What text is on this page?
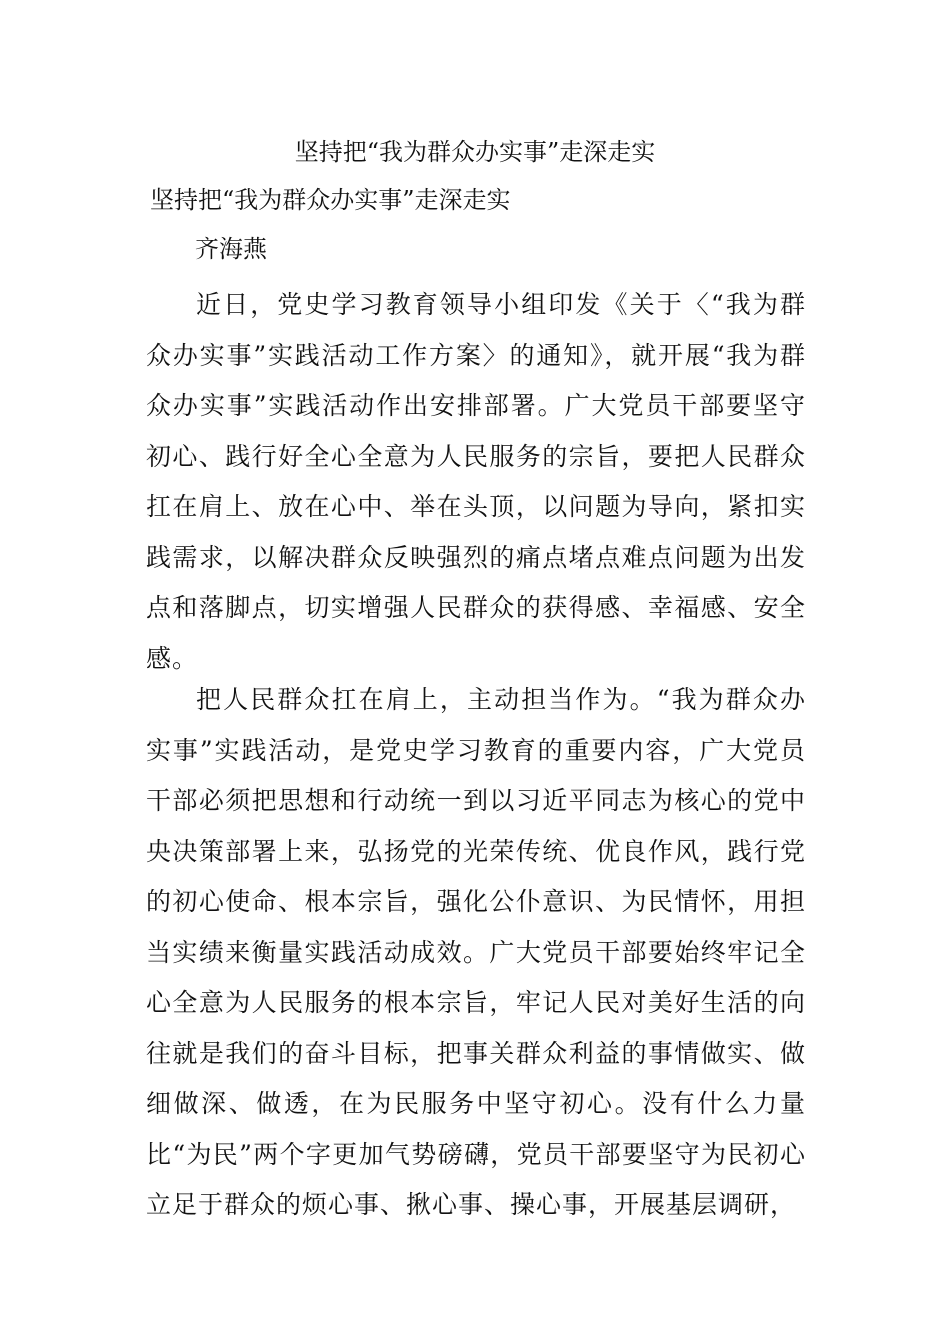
坚持把“我为群众办实事”走深走实
坚持把“我为群众办实事”走深走实
齐海燕

近日，党史学习教育领导小组印发《关于〈“我为群众办实事”实践活动工作方案〉的通知》，就开展“我为群众办实事”实践活动作出安排部署。广大党员干部要坚守初心、践行好全心全意为人民服务的宗旨，要把人民群众扛在肩上、放在心中、举在头顶，以问题为导向，紧扣实践需求，以解决群众反映强烈的痛点堵点难点问题为出发点和落脚点，切实增强人民群众的获得感、幸福感、安全感。

把人民群众扛在肩上，主动担当作为。“我为群众办实事”实践活动，是党史学习教育的重要内容，广大党员干部必须把思想和行动统一到以习近平同志为核心的党中央决策部署上来，弘扬党的光荣传统、优良作风，践行党的初心使命、根本宗旨，强化公仆意识、为民情怀，用担当实绩来衡量实践活动成效。广大党员干部要始终牢记全心全意为人民服务的根本宗旨，牢记人民对美好生活的向往就是我们的奋斗目标，把事关群众利益的事情做实、做细做深、做透，在为民服务中坚守初心。没有什么力量比“为民”两个字更加气势磅礴，党员干部要坚守为民初心立足于群众的烦心事、揪心事、操心事，开展基层调研，
